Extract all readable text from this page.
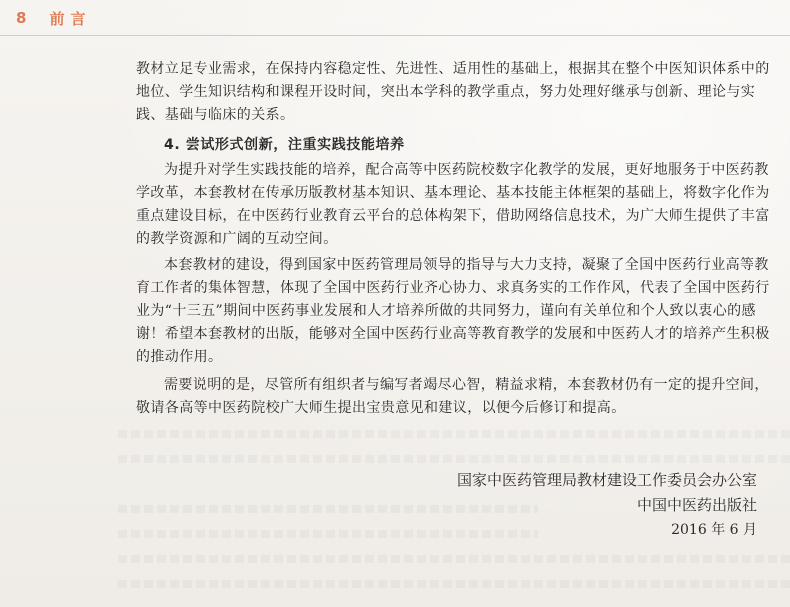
8 前言

教材立足专业需求，在保持内容稳定性、先进性、适用性的基础上，根据其在整个中医知识体系中的地位、学生知识结构和课程开设时间，突出本学科的教学重点，努力处理好继承与创新、理论与实践、基础与临床的关系。

4. 尝试形式创新，注重实践技能培养

为提升对学生实践技能的培养，配合高等中医药院校数字化教学的发展，更好地服务于中医药教学改革，本套教材在传承历版教材基本知识、基本理论、基本技能主体框架的基础上，将数字化作为重点建设目标，在中医药行业教育云平台的总体构架下，借助网络信息技术，为广大师生提供了丰富的教学资源和广阔的互动空间。

本套教材的建设，得到国家中医药管理局领导的指导与大力支持，凝聚了全国中医药行业高等教育工作者的集体智慧，体现了全国中医药行业齐心协力、求真务实的工作作风，代表了全国中医药行业为“十三五”期间中医药事业发展和人才培养所做的共同努力，谨向有关单位和个人致以衷心的感谢！希望本套教材的出版，能够对全国中医药行业高等教育教学的发展和中医药人才的培养产生积极的推动作用。

需要说明的是，尽管所有组织者与编写者竭尽心智，精益求精，本套教材仍有一定的提升空间，敬请各高等中医药院校广大师生提出宝贵意见和建议，以便今后修订和提高。

国家中医药管理局教材建设工作委员会办公室
中国中医药出版社
2016 年 6 月
